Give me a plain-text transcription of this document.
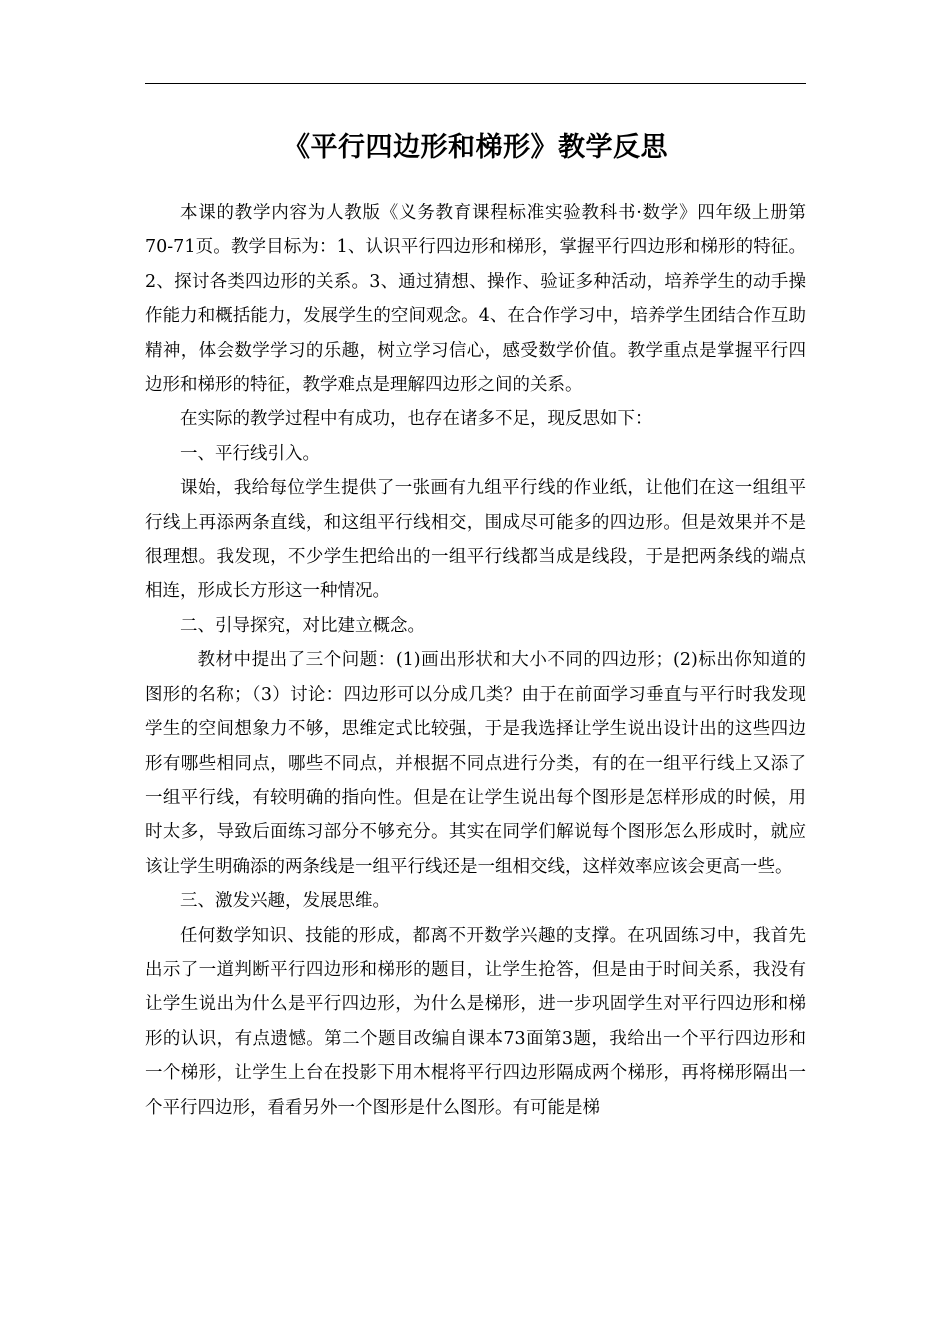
《平行四边形和梯形》教学反思

本课的教学内容为人教版《义务教育课程标准实验教科书·数学》四年级上册第70-71页。教学目标为：1、认识平行四边形和梯形，掌握平行四边形和梯形的特征。2、探讨各类四边形的关系。3、通过猜想、操作、验证多种活动，培养学生的动手操作能力和概括能力，发展学生的空间观念。4、在合作学习中，培养学生团结合作互助精神，体会数学学习的乐趣，树立学习信心，感受数学价值。教学重点是掌握平行四边形和梯形的特征，教学难点是理解四边形之间的关系。

在实际的教学过程中有成功，也存在诸多不足，现反思如下：

一、平行线引入。

课始，我给每位学生提供了一张画有九组平行线的作业纸，让他们在这一组组平行线上再添两条直线，和这组平行线相交，围成尽可能多的四边形。但是效果并不是很理想。我发现，不少学生把给出的一组平行线都当成是线段，于是把两条线的端点相连，形成长方形这一种情况。

二、引导探究，对比建立概念。

教材中提出了三个问题：(1)画出形状和大小不同的四边形；(2)标出你知道的图形的名称；（3）讨论：四边形可以分成几类？由于在前面学习垂直与平行时我发现学生的空间想象力不够，思维定式比较强，于是我选择让学生说出设计出的这些四边形有哪些相同点，哪些不同点，并根据不同点进行分类，有的在一组平行线上又添了一组平行线，有较明确的指向性。但是在让学生说出每个图形是怎样形成的时候，用时太多，导致后面练习部分不够充分。其实在同学们解说每个图形怎么形成时，就应该让学生明确添的两条线是一组平行线还是一组相交线，这样效率应该会更高一些。

三、激发兴趣，发展思维。

任何数学知识、技能的形成，都离不开数学兴趣的支撑。在巩固练习中，我首先出示了一道判断平行四边形和梯形的题目，让学生抢答，但是由于时间关系，我没有让学生说出为什么是平行四边形，为什么是梯形，进一步巩固学生对平行四边形和梯形的认识，有点遗憾。第二个题目改编自课本73面第3题，我给出一个平行四边形和一个梯形，让学生上台在投影下用木棍将平行四边形隔成两个梯形，再将梯形隔出一个平行四边形，看看另外一个图形是什么图形。有可能是梯
